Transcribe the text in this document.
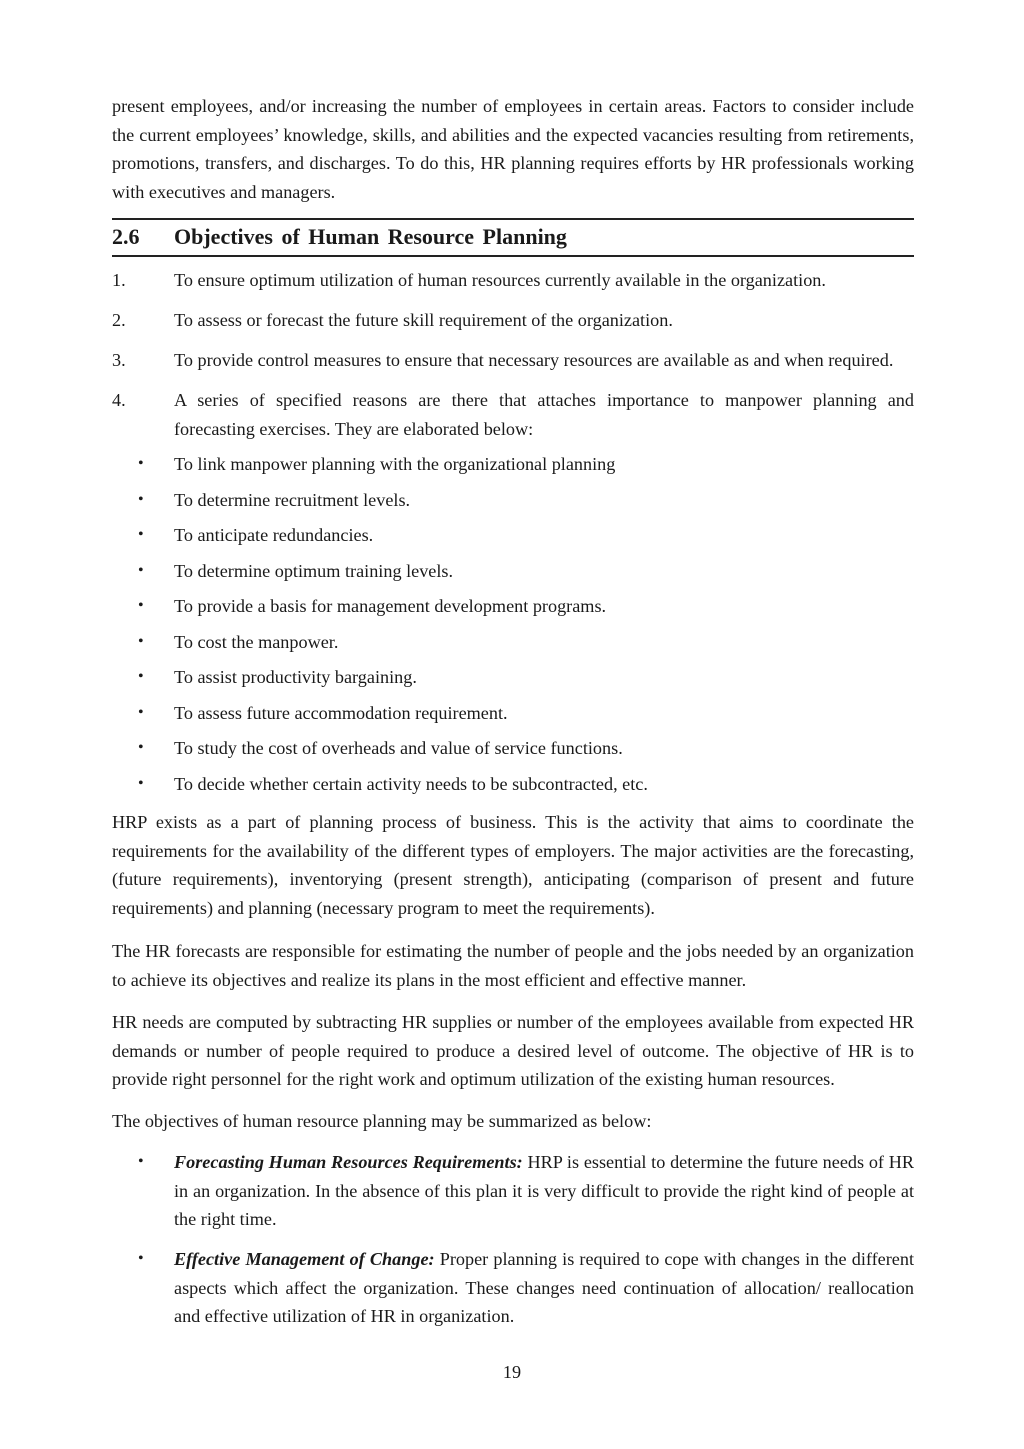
present employees, and/or increasing the number of employees in certain areas. Factors to consider include the current employees’ knowledge, skills, and abilities and the expected vacancies resulting from retirements, promotions, transfers, and discharges. To do this, HR planning requires efforts by HR professionals working with executives and managers.

2.6 Objectives of Human Resource Planning
1.	To ensure optimum utilization of human resources currently available in the organization.
2.	To assess or forecast the future skill requirement of the organization.
3.	To provide control measures to ensure that necessary resources are available as and when required.
4.	A series of specified reasons are there that attaches importance to manpower planning and forecasting exercises. They are elaborated below:
• To link manpower planning with the organizational planning
• To determine recruitment levels.
• To anticipate redundancies.
• To determine optimum training levels.
• To provide a basis for management development programs.
• To cost the manpower.
• To assist productivity bargaining.
• To assess future accommodation requirement.
• To study the cost of overheads and value of service functions.
• To decide whether certain activity needs to be subcontracted, etc.

HRP exists as a part of planning process of business. This is the activity that aims to coordinate the requirements for the availability of the different types of employers. The major activities are the forecasting, (future requirements), inventorying (present strength), anticipating (comparison of present and future requirements) and planning (necessary program to meet the requirements).

The HR forecasts are responsible for estimating the number of people and the jobs needed by an organization to achieve its objectives and realize its plans in the most efficient and effective manner.

HR needs are computed by subtracting HR supplies or number of the employees available from expected HR demands or number of people required to produce a desired level of outcome. The objective of HR is to provide right personnel for the right work and optimum utilization of the existing human resources.

The objectives of human resource planning may be summarized as below:

• Forecasting Human Resources Requirements: HRP is essential to determine the future needs of HR in an organization. In the absence of this plan it is very difficult to provide the right kind of people at the right time.
• Effective Management of Change: Proper planning is required to cope with changes in the different aspects which affect the organization. These changes need continuation of allocation/ reallocation and effective utilization of HR in organization.
19
